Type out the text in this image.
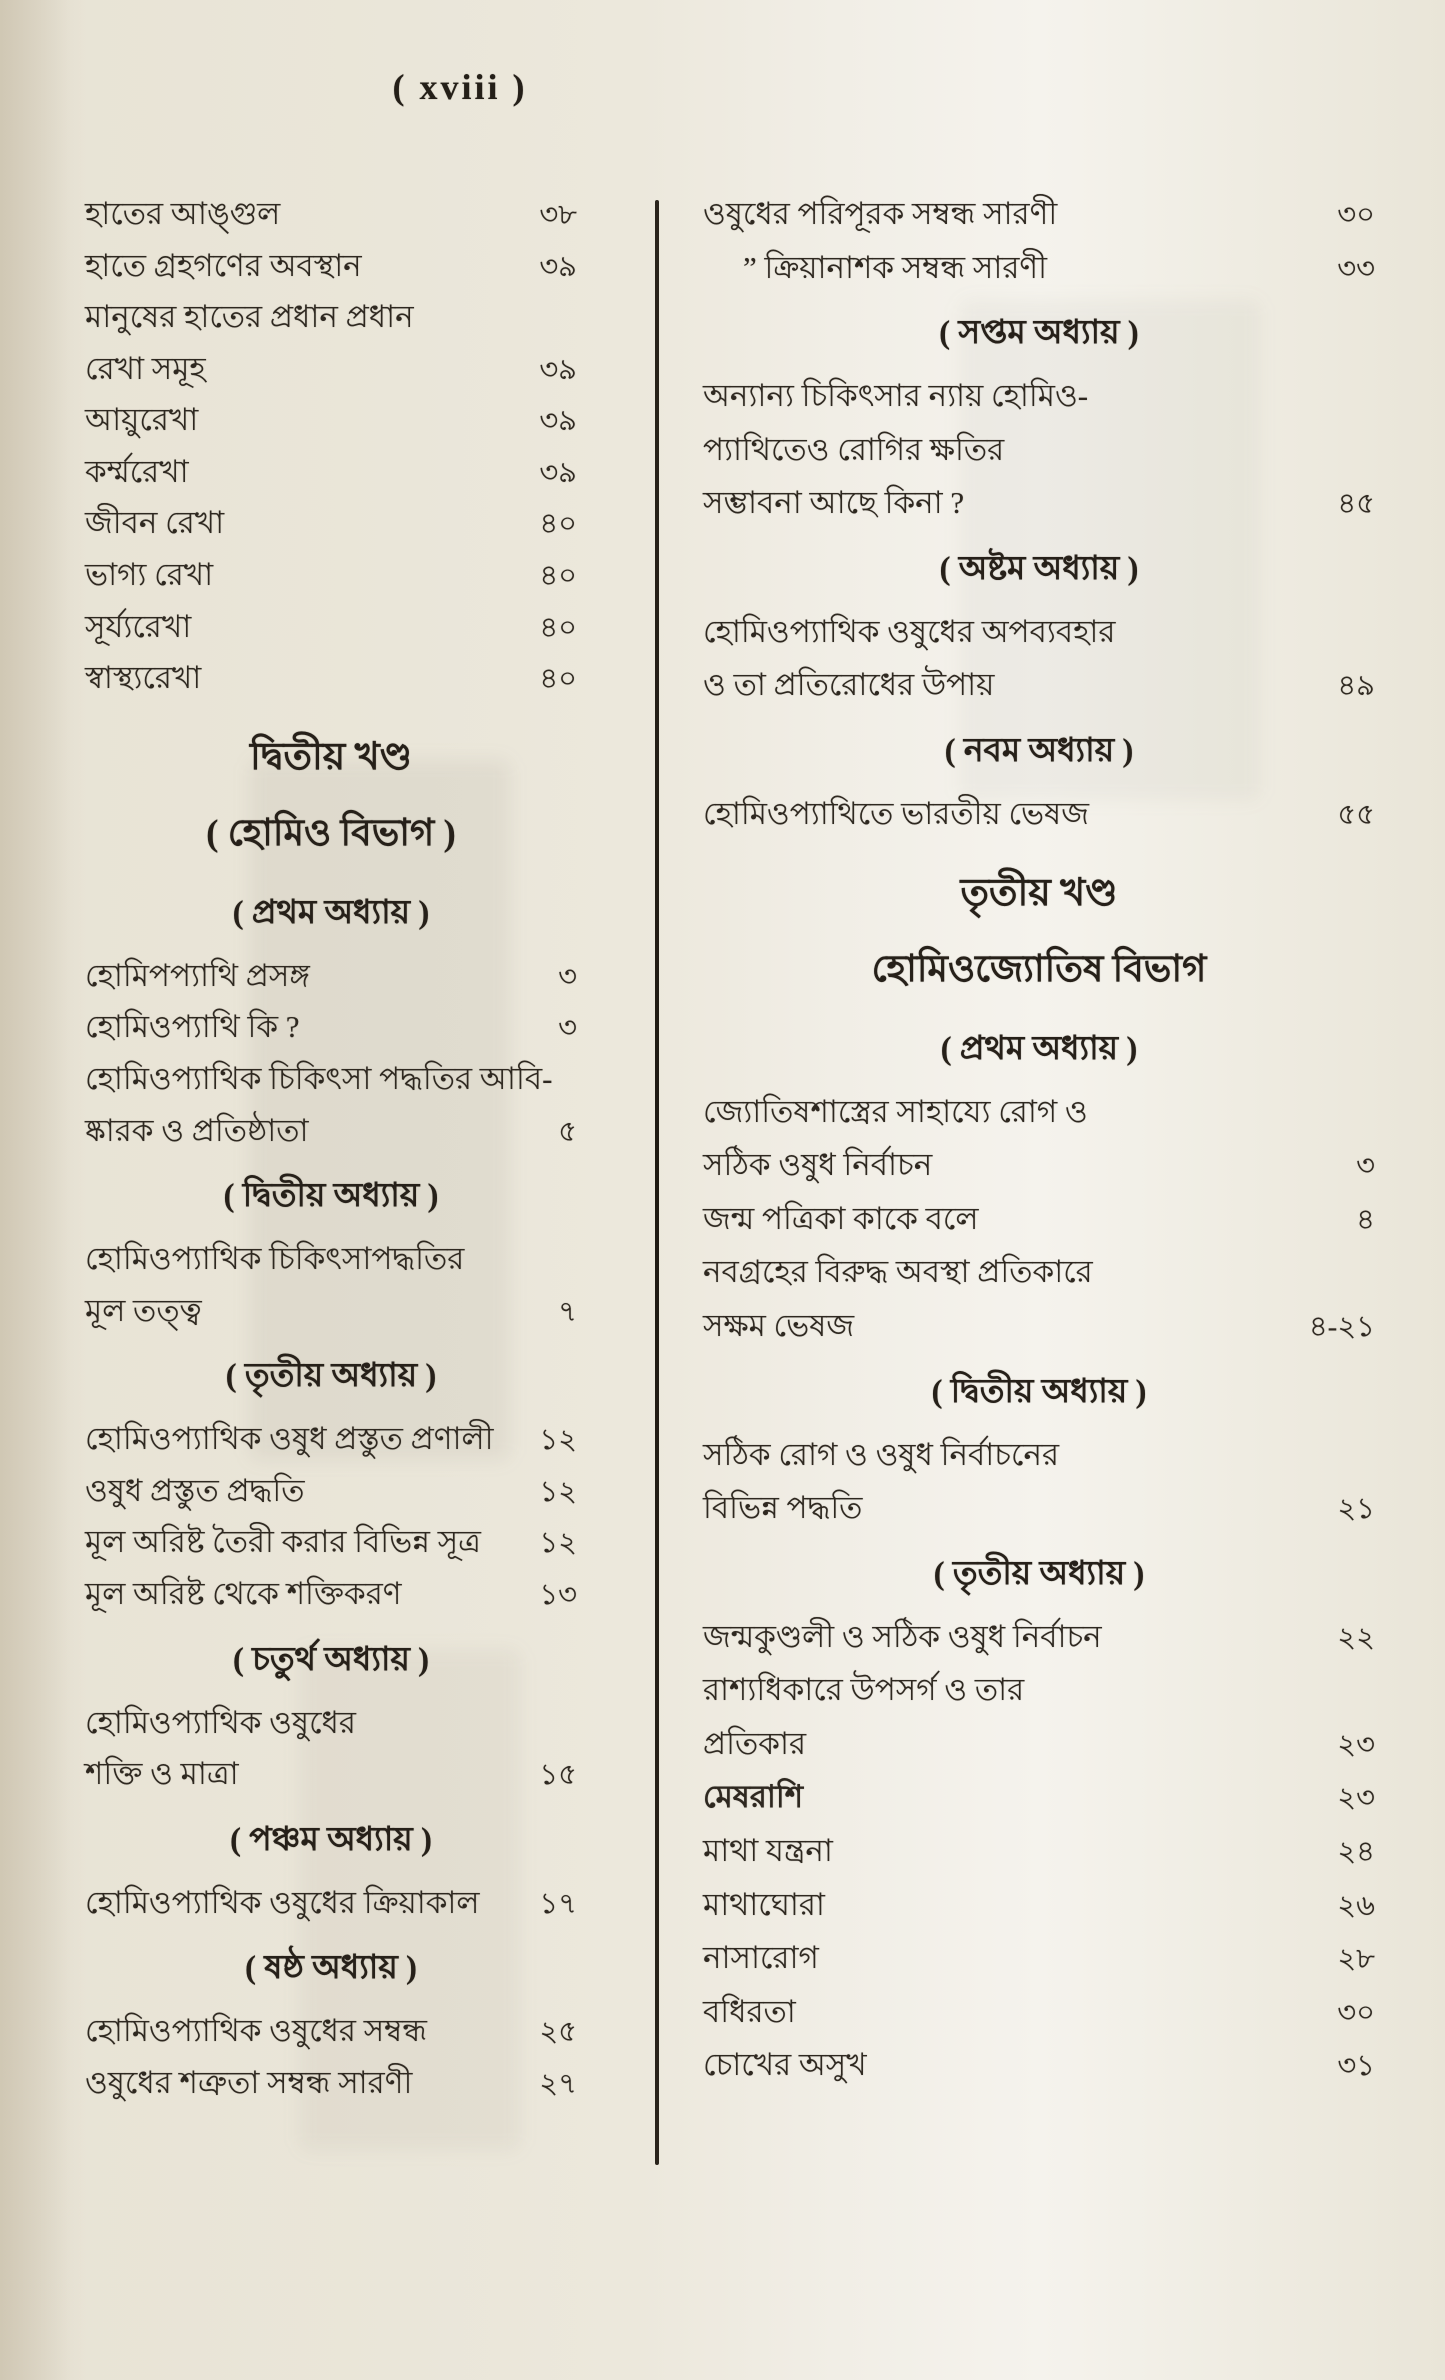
( xviii )
হাতের আঙ্গুল	৩৮
হাতে গ্রহগণের অবস্থান	৩৯
মানুষের হাতের প্রধান প্রধান
রেখা সমূহ	৩৯
আয়ুরেখা	৩৯
কর্ম্মরেখা	৩৯
জীবন রেখা	৪০
ভাগ্য রেখা	৪০
সূর্য্যরেখা	৪০
স্বাস্থ্যরেখা	৪০
দ্বিতীয় খণ্ড
( হোমিও বিভাগ )
( প্রথম অধ্যায় )
হোমিপপ্যাথি প্রসঙ্গ	৩
হোমিওপ্যাথি কি ?	৩
হোমিওপ্যাথিক চিকিৎসা পদ্ধতির আবি-
ষ্কারক ও প্রতিষ্ঠাতা	৫
( দ্বিতীয় অধ্যায় )
হোমিওপ্যাথিক চিকিৎসাপদ্ধতির
মূল তত্ত্ব	৭
( তৃতীয় অধ্যায় )
হোমিওপ্যাথিক ওষুধ প্রস্তুত প্রণালী	১২
ওষুধ প্রস্তুত প্রদ্ধতি	১২
মূল অরিষ্ট তৈরী করার বিভিন্ন সূত্র	১২
মূল অরিষ্ট থেকে শক্তিকরণ	১৩
( চতুর্থ অধ্যায় )
হোমিওপ্যাথিক ওষুধের
শক্তি ও মাত্রা	১৫
( পঞ্চম অধ্যায় )
হোমিওপ্যাথিক ওষুধের ক্রিয়াকাল	১৭
( ষষ্ঠ অধ্যায় )
হোমিওপ্যাথিক ওষুধের সম্বন্ধ	২৫
ওষুধের শত্রুতা সম্বন্ধ সারণী	২৭
ওষুধের পরিপূরক সম্বন্ধ সারণী	৩০
” ক্রিয়ানাশক সম্বন্ধ সারণী	৩৩
( সপ্তম অধ্যায় )
অন্যান্য চিকিৎসার ন্যায় হোমিও-
প্যাথিতেও রোগির ক্ষতির
সম্ভাবনা আছে কিনা ?	৪৫
( অষ্টম অধ্যায় )
হোমিওপ্যাথিক ওষুধের অপব্যবহার
ও তা প্রতিরোধের উপায়	৪৯
( নবম অধ্যায় )
হোমিওপ্যাথিতে ভারতীয় ভেষজ	৫৫
তৃতীয় খণ্ড
হোমিওজ্যোতিষ বিভাগ
( প্রথম অধ্যায় )
জ্যোতিষশাস্ত্রের সাহায্যে রোগ ও
সঠিক ওষুধ নির্বাচন	৩
জন্ম পত্রিকা কাকে বলে	৪
নবগ্রহের বিরুদ্ধ অবস্থা প্রতিকারে
সক্ষম ভেষজ	৪-২১
( দ্বিতীয় অধ্যায় )
সঠিক রোগ ও ওষুধ নির্বাচনের
বিভিন্ন পদ্ধতি	২১
( তৃতীয় অধ্যায় )
জন্মকুণ্ডলী ও সঠিক ওষুধ নির্বাচন	২২
রাশ্যধিকারে উপসর্গ ও তার
প্রতিকার	২৩
মেষরাশি	২৩
মাথা যন্ত্রনা	২৪
মাথাঘোরা	২৬
নাসারোগ	২৮
বধিরতা	৩০
চোখের অসুখ	৩১
